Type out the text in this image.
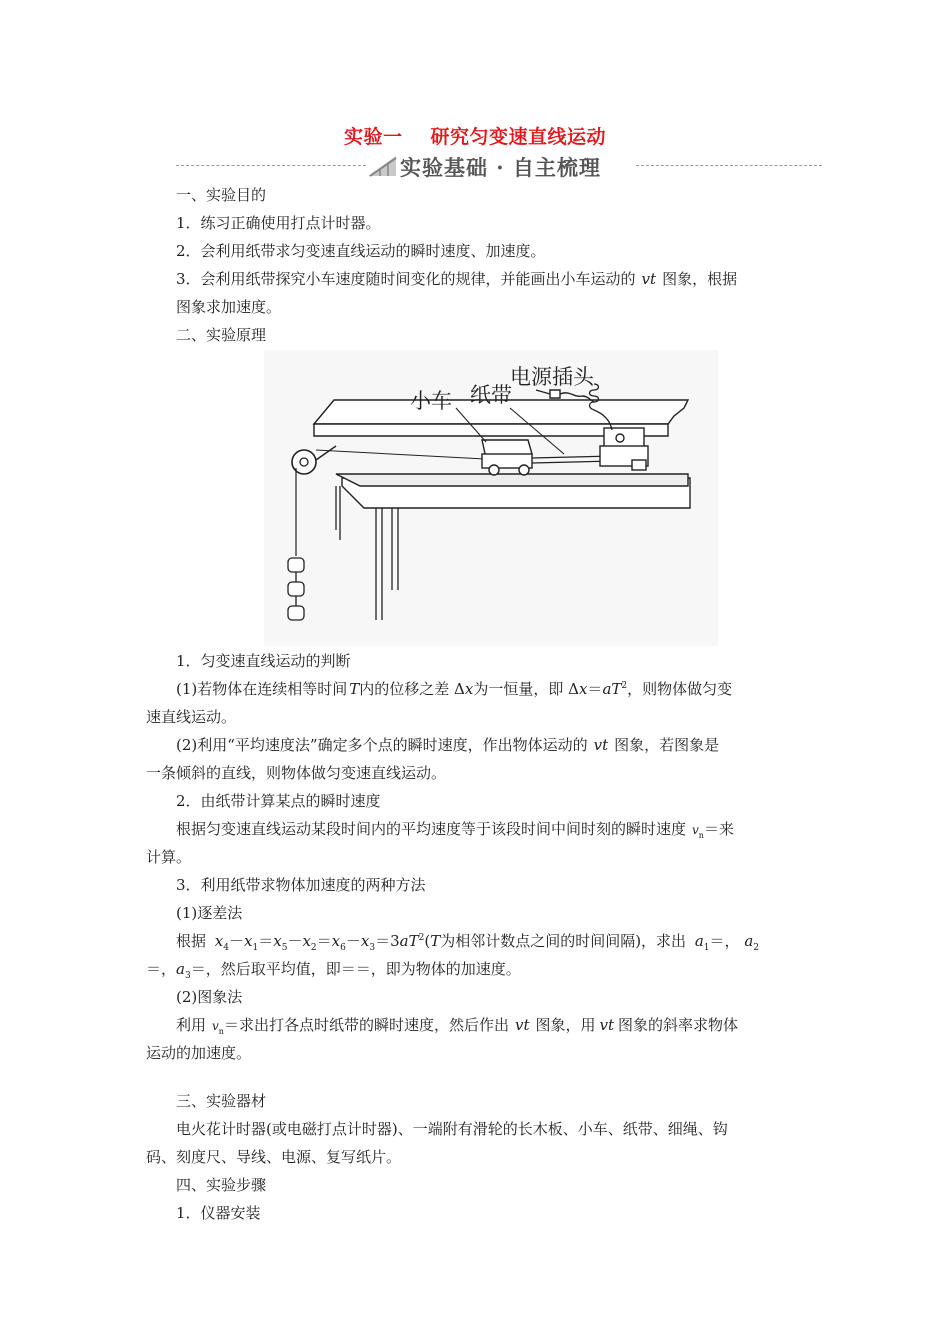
实验一 研究匀变速直线运动
实验基础 · 自主梳理
一、实验目的
1．练习正确使用打点计时器。
2．会利用纸带求匀变速直线运动的瞬时速度、加速度。
3．会利用纸带探究小车速度随时间变化的规律，并能画出小车运动的 vt 图象，根据
图象求加速度。
二、实验原理
小车 纸带
电源插头
1．匀变速直线运动的判断
(1)若物体在连续相等时间 T内的位移之差 Δx为一恒量，即 $\Delta x=aT^2$，则物体做匀变
速直线运动。
(2)利用“平均速度法”确定多个点的瞬时速度，作出物体运动的 vt 图象，若图象是
一条倾斜的直线，则物体做匀变速直线运动。
2．由纸带计算某点的瞬时速度
根据匀变速直线运动某段时间内的平均速度等于该段时间中间时刻的瞬时速度 $v_n=$来
计算。
3．利用纸带求物体加速度的两种方法
(1)逐差法
根据 $x_4-x_1=x_5-x_2=x_6-x_3=3aT^2(T$为相邻计数点之间的时间间隔)，求出 $a_1=$， $a_2$
＝，$a_3=$，然后取平均值，即＝＝，即为物体的加速度。
(2)图象法
利用 $v_n=$求出打各点时纸带的瞬时速度，然后作出 vt 图象，用 vt 图象的斜率求物体
运动的加速度。
三、实验器材
电火花计时器(或电磁打点计时器)、一端附有滑轮的长木板、小车、纸带、细绳、钩
码、刻度尺、导线、电源、复写纸片。
四、实验步骤
1．仪器安装
